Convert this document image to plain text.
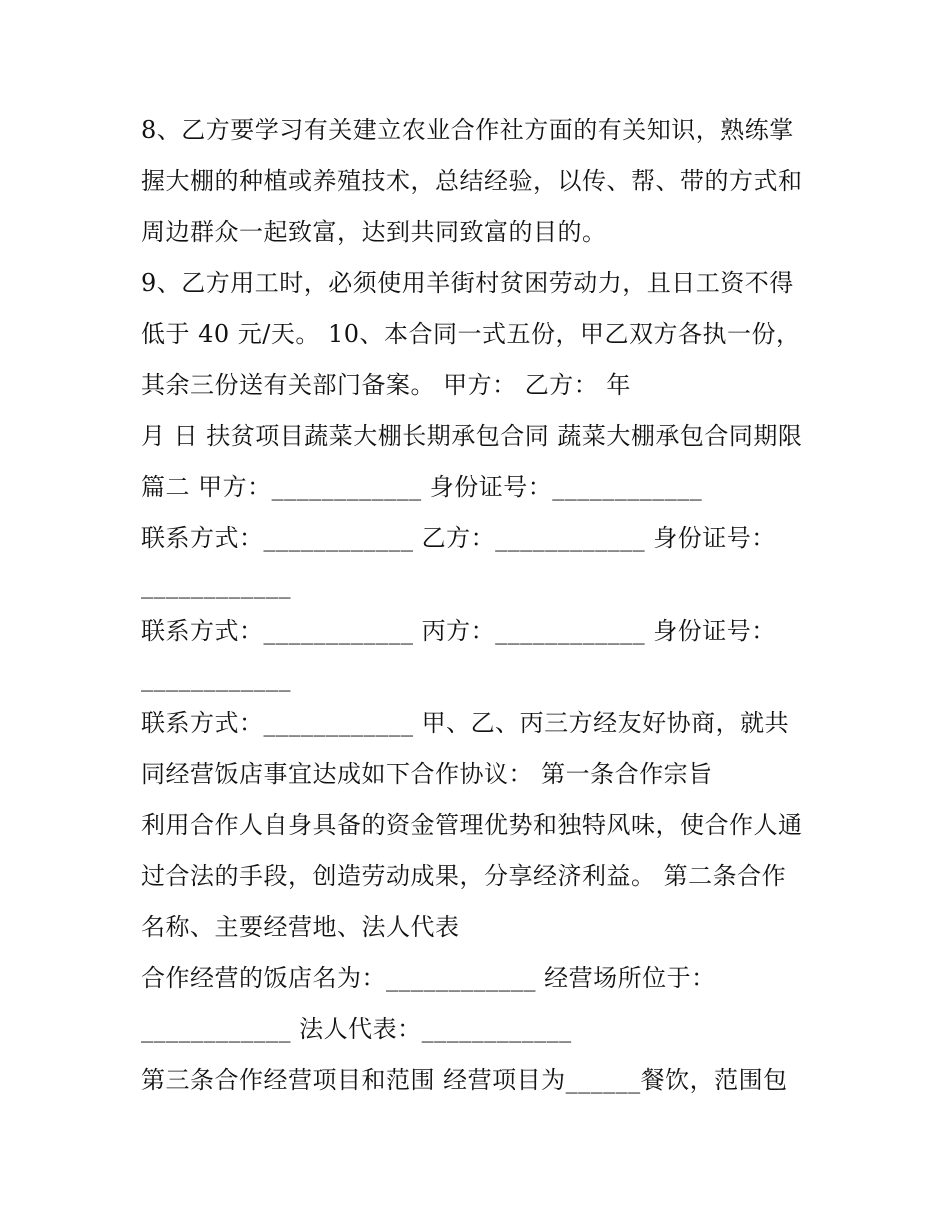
8、乙方要学习有关建立农业合作社方面的有关知识，熟练掌
握大棚的种植或养殖技术，总结经验，以传、帮、带的方式和
周边群众一起致富，达到共同致富的目的。
9、乙方用工时，必须使用羊街村贫困劳动力，且日工资不得
低于 40 元/天。 10、本合同一式五份，甲乙双方各执一份，
其余三份送有关部门备案。 甲方： 乙方： 年
月 日 扶贫项目蔬菜大棚长期承包合同 蔬菜大棚承包合同期限
篇二 甲方：____________ 身份证号：____________
联系方式：____________ 乙方：____________ 身份证号：
____________
联系方式：____________ 丙方：____________ 身份证号：
____________
联系方式：____________ 甲、乙、丙三方经友好协商，就共
同经营饭店事宜达成如下合作协议： 第一条合作宗旨
利用合作人自身具备的资金管理优势和独特风味，使合作人通
过合法的手段，创造劳动成果，分享经济利益。 第二条合作
名称、主要经营地、法人代表
合作经营的饭店名为：____________ 经营场所位于：
____________ 法人代表：____________
第三条合作经营项目和范围 经营项目为______餐饮，范围包
